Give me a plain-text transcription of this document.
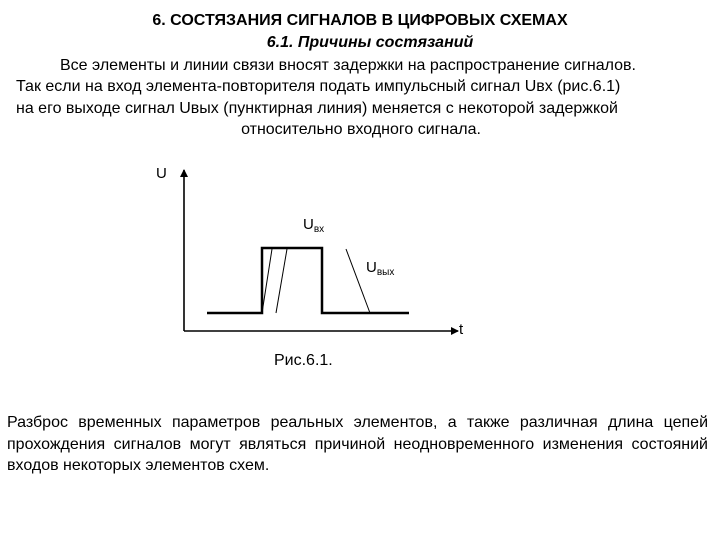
6. СОСТЯЗАНИЯ СИГНАЛОВ В ЦИФРОВЫХ СХЕМАХ

6.1. Причины состязаний

Все элементы и линии связи вносят задержки на распространение сигналов.
Так если на вход элемента-повторителя подать импульсный сигнал Uвх (рис.6.1)
на его выходе сигнал Uвых (пунктирная линия) меняется с некоторой задержкой
относительно входного сигнала.

U
t
$U_{вх}$
$U_{вых}$
Рис.6.1.

Разброс временных параметров реальных элементов, а также различная длина цепей прохождения сигналов могут являться причиной неодновременного изменения состояний входов некоторых элементов схем.
